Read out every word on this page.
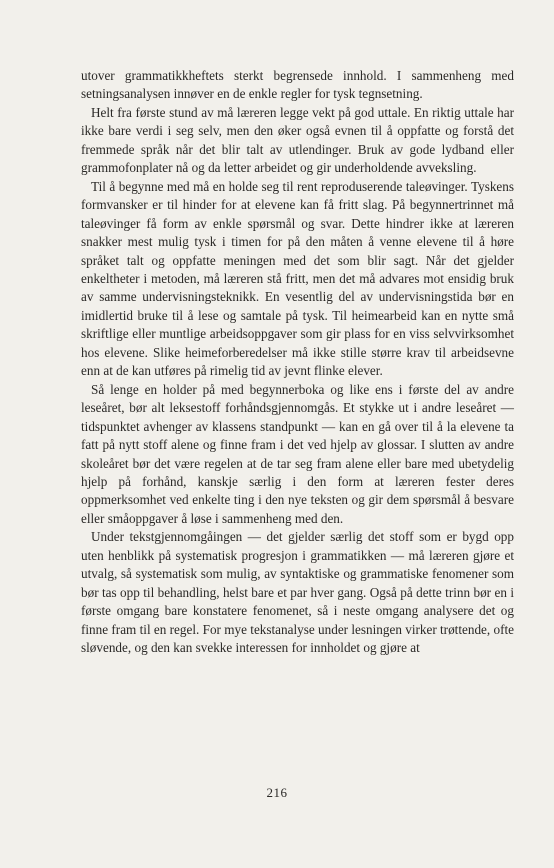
utover grammatikkheftets sterkt begrensede innhold. I sammenheng med setningsanalysen innøver en de enkle regler for tysk tegnsetning.

Helt fra første stund av må læreren legge vekt på god uttale. En riktig uttale har ikke bare verdi i seg selv, men den øker også evnen til å oppfatte og forstå det fremmede språk når det blir talt av utlendinger. Bruk av gode lydband eller grammofonplater nå og da letter arbeidet og gir underholdende avveksling.

Til å begynne med må en holde seg til rent reproduserende taleøvinger. Tyskens formvansker er til hinder for at elevene kan få fritt slag. På begynnertrinnet må taleøvinger få form av enkle spørsmål og svar. Dette hindrer ikke at læreren snakker mest mulig tysk i timen for på den måten å venne elevene til å høre språket talt og oppfatte meningen med det som blir sagt. Når det gjelder enkeltheter i metoden, må læreren stå fritt, men det må advares mot ensidig bruk av samme undervisningsteknikk. En vesentlig del av undervisningstida bør en imidlertid bruke til å lese og samtale på tysk. Til heimearbeid kan en nytte små skriftlige eller muntlige arbeidsoppgaver som gir plass for en viss selvvirksomhet hos elevene. Slike heimeforberedelser må ikke stille større krav til arbeidsevne enn at de kan utføres på rimelig tid av jevnt flinke elever.

Så lenge en holder på med begynnerboka og like ens i første del av andre leseåret, bør alt leksestoff forhåndsgjennomgås. Et stykke ut i andre leseåret — tidspunktet avhenger av klassens standpunkt — kan en gå over til å la elevene ta fatt på nytt stoff alene og finne fram i det ved hjelp av glossar. I slutten av andre skoleåret bør det være regelen at de tar seg fram alene eller bare med ubetydelig hjelp på forhånd, kanskje særlig i den form at læreren fester deres oppmerksomhet ved enkelte ting i den nye teksten og gir dem spørsmål å besvare eller småoppgaver å løse i sammenheng med den.

Under tekstgjennomgåingen — det gjelder særlig det stoff som er bygd opp uten henblikk på systematisk progresjon i grammatikken — må læreren gjøre et utvalg, så systematisk som mulig, av syntaktiske og grammatiske fenomener som bør tas opp til behandling, helst bare et par hver gang. Også på dette trinn bør en i første omgang bare konstatere fenomenet, så i neste omgang analysere det og finne fram til en regel. For mye tekstanalyse under lesningen virker trøttende, ofte sløvende, og den kan svekke interessen for innholdet og gjøre at

216
